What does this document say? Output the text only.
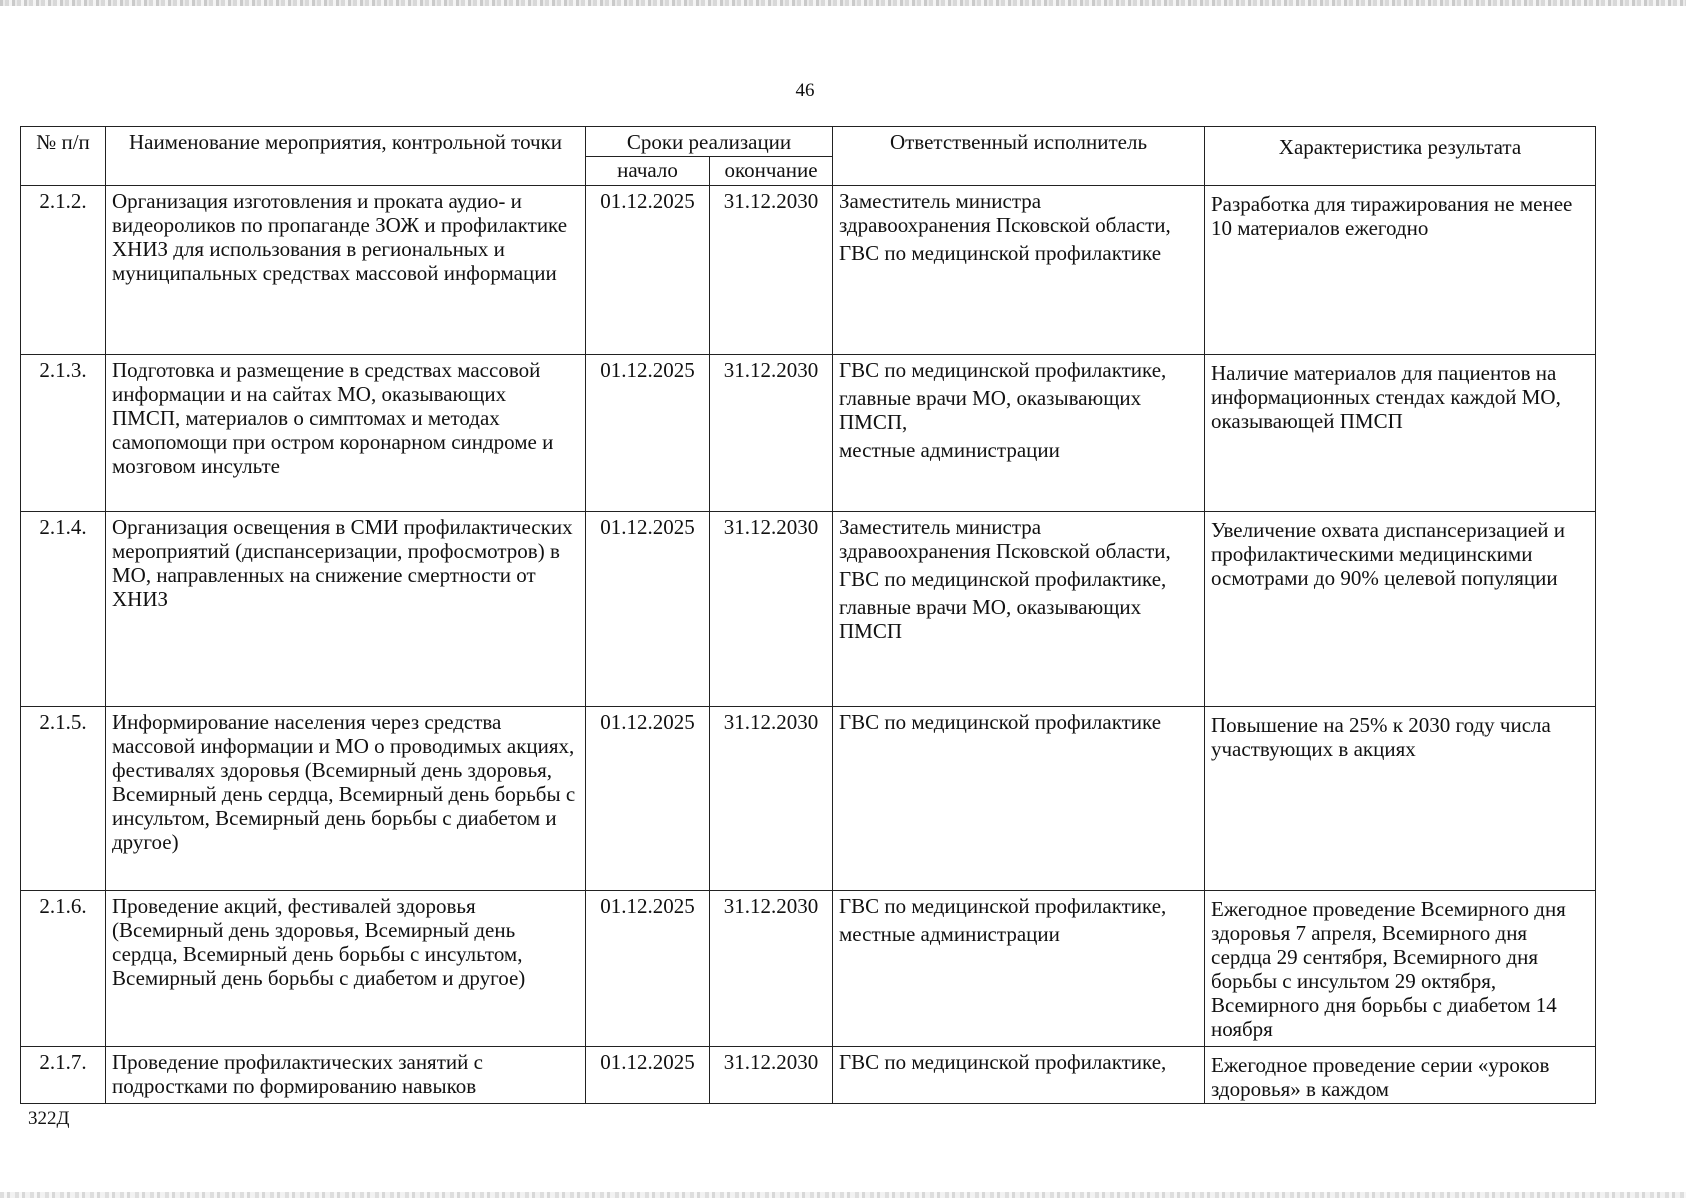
46
№ п/п	Наименование мероприятия, контрольной точки	Сроки реализации		Ответственный исполнитель	Характеристика результата
		начало	окончание		
2.1.2.	Организация изготовления и проката аудио- и видеороликов по пропаганде ЗОЖ и профилактике ХНИЗ для использования в региональных и муниципальных средствах массовой информации	01.12.2025	31.12.2030	Заместитель министра здравоохранения Псковской области,
ГВС по медицинской профилактике	Разработка для тиражирования не менее 10 материалов ежегодно
2.1.3.	Подготовка и размещение в средствах массовой информации и на сайтах МО, оказывающих ПМСП, материалов о симптомах и методах самопомощи при остром коронарном синдроме и мозговом инсульте	01.12.2025	31.12.2030	ГВС по медицинской профилактике,
главные врачи МО, оказывающих ПМСП,
местные администрации	Наличие материалов для пациентов на информационных стендах каждой МО, оказывающей ПМСП
2.1.4.	Организация освещения в СМИ профилактических мероприятий (диспансеризации, профосмотров) в МО, направленных на снижение смертности от ХНИЗ	01.12.2025	31.12.2030	Заместитель министра здравоохранения Псковской области,
ГВС по медицинской профилактике,
главные врачи МО, оказывающих ПМСП	Увеличение охвата диспансеризацией и профилактическими медицинскими осмотрами до 90% целевой популяции
2.1.5.	Информирование населения через средства массовой информации и МО о проводимых акциях, фестивалях здоровья (Всемирный день здоровья, Всемирный день сердца, Всемирный день борьбы с инсультом, Всемирный день борьбы с диабетом и другое)	01.12.2025	31.12.2030	ГВС по медицинской профилактике	Повышение на 25% к 2030 году числа участвующих в акциях
2.1.6.	Проведение акций, фестивалей здоровья (Всемирный день здоровья, Всемирный день сердца, Всемирный день борьбы с инсультом, Всемирный день борьбы с диабетом и другое)	01.12.2025	31.12.2030	ГВС по медицинской профилактике,
местные администрации	Ежегодное проведение Всемирного дня здоровья 7 апреля, Всемирного дня сердца 29 сентября, Всемирного дня борьбы с инсультом 29 октября, Всемирного дня борьбы с диабетом 14 ноября
2.1.7.	Проведение профилактических занятий с подростками по формированию навыков	01.12.2025	31.12.2030	ГВС по медицинской профилактике,	Ежегодное проведение серии «уроков здоровья» в каждом
322Д
